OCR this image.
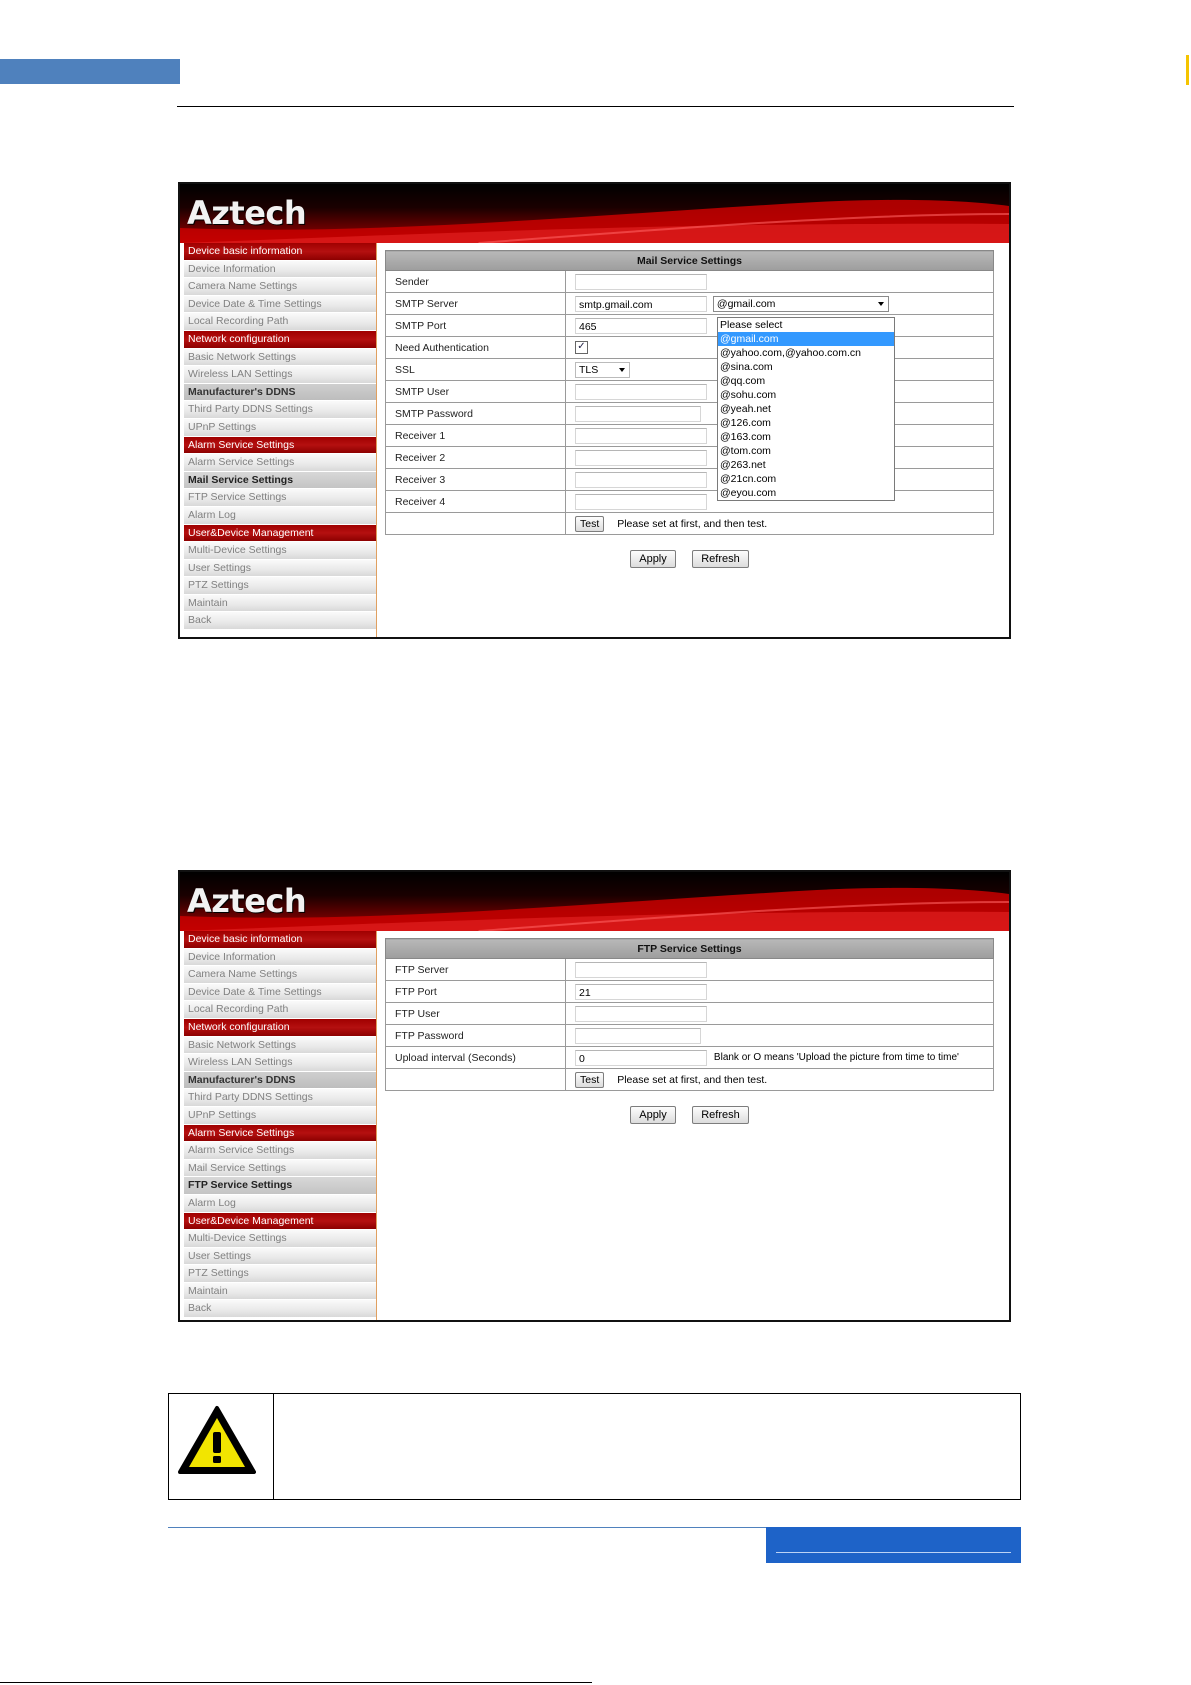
Aztech
Device basic information
Device Information
Camera Name Settings
Device Date & Time Settings
Local Recording Path
Network configuration
Basic Network Settings
Wireless LAN Settings
Manufacturer's DDNS
Third Party DDNS Settings
UPnP Settings
Alarm Service Settings
Alarm Service Settings
Mail Service Settings
FTP Service Settings
Alarm Log
User&Device Management
Multi-Device Settings
User Settings
PTZ Settings
Maintain
Back
Mail Service Settings	
Sender	
SMTP Server	smtp.gmail.com @gmail.com

SMTP Port	465
Need Authentication	✓
SSL	TLS

SMTP User	
SMTP Password	
Receiver 1	
Receiver 2	
Receiver 3	
Receiver 4	
	Test Please set at first, and then test.
Apply	Refresh
Please select
@gmail.com
@yahoo.com,@yahoo.com.cn
@sina.com
@qq.com
@sohu.com
@yeah.net
@126.com
@163.com
@tom.com
@263.net
@21cn.com
@eyou.com
Aztech
Device basic information
Device Information
Camera Name Settings
Device Date & Time Settings
Local Recording Path
Network configuration
Basic Network Settings
Wireless LAN Settings
Manufacturer's DDNS
Third Party DDNS Settings
UPnP Settings
Alarm Service Settings
Alarm Service Settings
Mail Service Settings
FTP Service Settings
Alarm Log
User&Device Management
Multi-Device Settings
User Settings
PTZ Settings
Maintain
Back
FTP Service Settings	
FTP Server	
FTP Port	21
FTP User	
FTP Password	
Upload interval (Seconds)	0 Blank or O means 'Upload the picture from time to time'
	Test Please set at first, and then test.
Apply	Refresh
